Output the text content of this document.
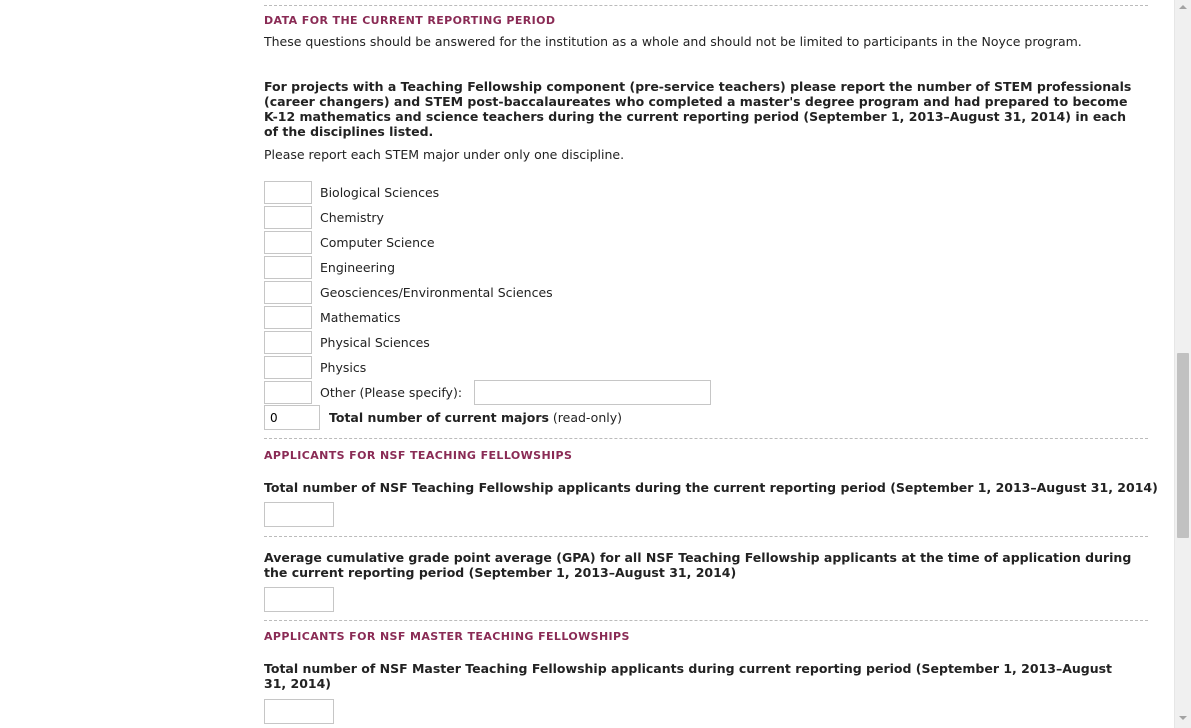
DATA FOR THE CURRENT REPORTING PERIOD
These questions should be answered for the institution as a whole and should not be limited to participants in the Noyce program.
For projects with a Teaching Fellowship component (pre-service teachers) please report the number of STEM professionals (career changers) and STEM post-baccalaureates who completed a master's degree program and had prepared to become K-12 mathematics and science teachers during the current reporting period (September 1, 2013–August 31, 2014) in each of the disciplines listed.
Please report each STEM major under only one discipline.
Biological Sciences
Chemistry
Computer Science
Engineering
Geosciences/Environmental Sciences
Mathematics
Physical Sciences
Physics
Other (Please specify):
0
Total number of current majors (read-only)
APPLICANTS FOR NSF TEACHING FELLOWSHIPS
Total number of NSF Teaching Fellowship applicants during the current reporting period (September 1, 2013–August 31, 2014)
Average cumulative grade point average (GPA) for all NSF Teaching Fellowship applicants at the time of application during the current reporting period (September 1, 2013–August 31, 2014)
APPLICANTS FOR NSF MASTER TEACHING FELLOWSHIPS
Total number of NSF Master Teaching Fellowship applicants during current reporting period (September 1, 2013–August 31, 2014)
